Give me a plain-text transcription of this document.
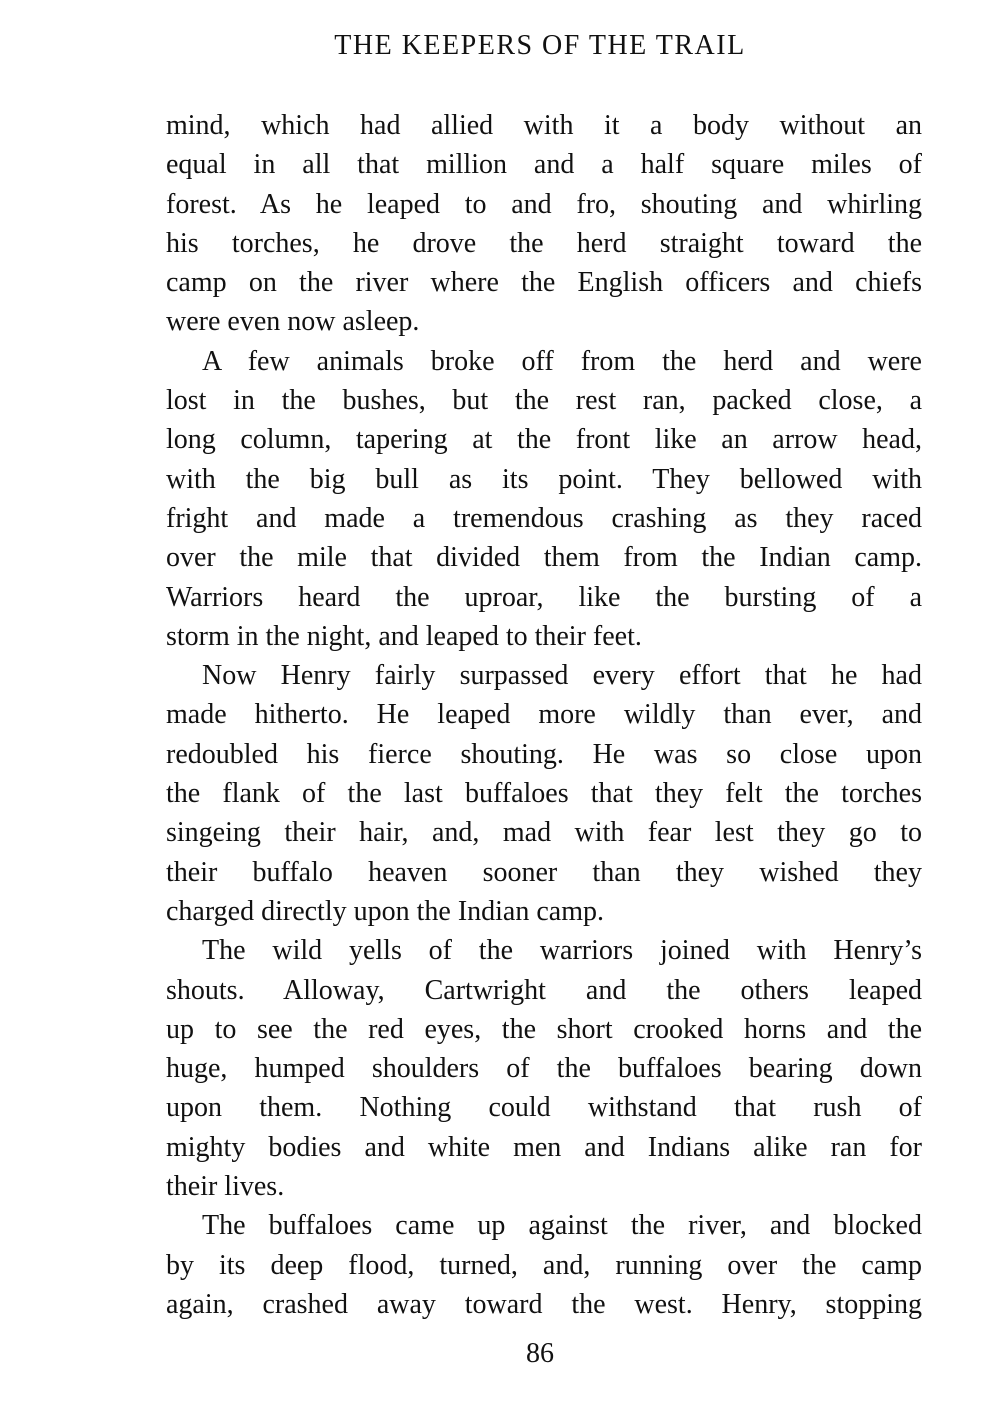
THE KEEPERS OF THE TRAIL

mind, which had allied with it a body without an
equal in all that million and a half square miles of
forest. As he leaped to and fro, shouting and whirling
his torches, he drove the herd straight toward the
camp on the river where the English officers and chiefs
were even now asleep.

A few animals broke off from the herd and were
lost in the bushes, but the rest ran, packed close, a
long column, tapering at the front like an arrow head,
with the big bull as its point. They bellowed with
fright and made a tremendous crashing as they raced
over the mile that divided them from the Indian camp.
Warriors heard the uproar, like the bursting of a
storm in the night, and leaped to their feet.

Now Henry fairly surpassed every effort that he had
made hitherto. He leaped more wildly than ever, and
redoubled his fierce shouting. He was so close upon
the flank of the last buffaloes that they felt the torches
singeing their hair, and, mad with fear lest they go to
their buffalo heaven sooner than they wished they
charged directly upon the Indian camp.

The wild yells of the warriors joined with Henry’s
shouts. Alloway, Cartwright and the others leaped
up to see the red eyes, the short crooked horns and the
huge, humped shoulders of the buffaloes bearing down
upon them. Nothing could withstand that rush of
mighty bodies and white men and Indians alike ran for
their lives.

The buffaloes came up against the river, and blocked
by its deep flood, turned, and, running over the camp
again, crashed away toward the west. Henry, stopping

86
